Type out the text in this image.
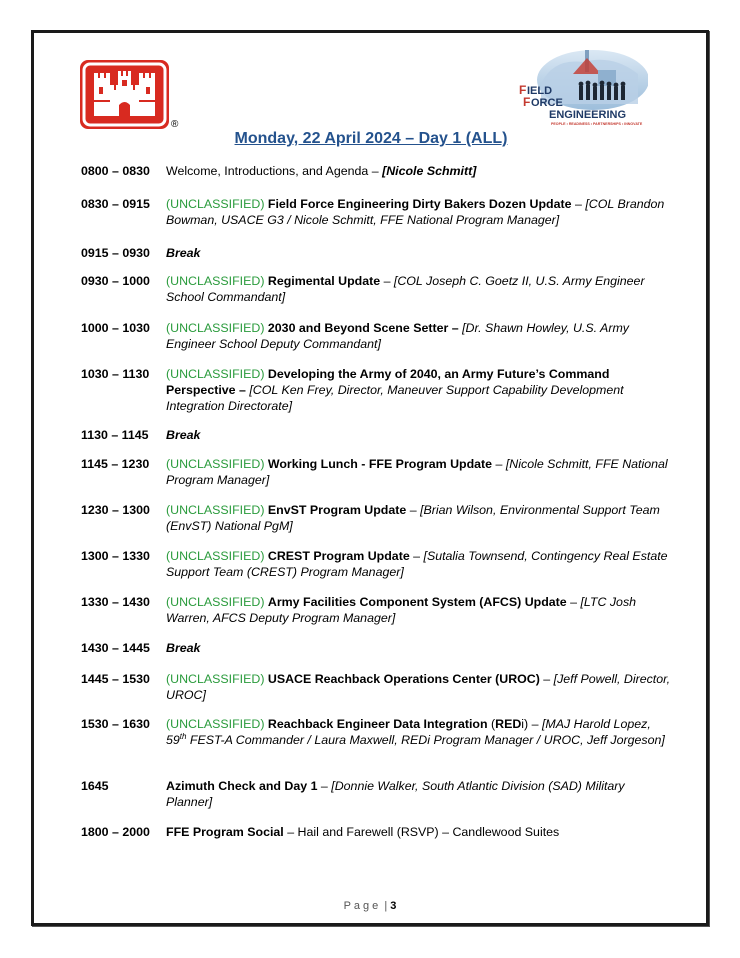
®
F IELD
F ORCE
ENGINEERING
PEOPLE • READINESS • PARTNERSHIPS • INNOVATE
Monday, 22 April 2024 – Day 1 (ALL)
0800 – 0830	Welcome, Introductions, and Agenda – [Nicole Schmitt]
0830 – 0915	(UNCLASSIFIED) Field Force Engineering Dirty Bakers Dozen Update – [COL Brandon Bowman, USACE G3 / Nicole Schmitt, FFE National Program Manager]
0915 – 0930	Break
0930 – 1000	(UNCLASSIFIED) Regimental Update – [COL Joseph C. Goetz II, U.S. Army Engineer School Commandant]
1000 – 1030	(UNCLASSIFIED) 2030 and Beyond Scene Setter – [Dr. Shawn Howley, U.S. Army Engineer School Deputy Commandant]
1030 – 1130	(UNCLASSIFIED) Developing the Army of 2040, an Army Future’s Command Perspective – [COL Ken Frey, Director, Maneuver Support Capability Development Integration Directorate]
1130 – 1145	Break
1145 – 1230	(UNCLASSIFIED) Working Lunch - FFE Program Update – [Nicole Schmitt, FFE National Program Manager]
1230 – 1300	(UNCLASSIFIED) EnvST Program Update – [Brian Wilson, Environmental Support Team (EnvST) National PgM]
1300 – 1330	(UNCLASSIFIED) CREST Program Update – [Sutalia Townsend, Contingency Real Estate Support Team (CREST) Program Manager]
1330 – 1430	(UNCLASSIFIED) Army Facilities Component System (AFCS) Update – [LTC Josh Warren, AFCS Deputy Program Manager]
1430 – 1445	Break
1445 – 1530	(UNCLASSIFIED) USACE Reachback Operations Center (UROC) – [Jeff Powell, Director, UROC]
1530 – 1630	(UNCLASSIFIED) Reachback Engineer Data Integration (REDi) – [MAJ Harold Lopez, 59th FEST-A Commander / Laura Maxwell, REDi Program Manager / UROC, Jeff Jorgeson]
1645	Azimuth Check and Day 1 – [Donnie Walker, South Atlantic Division (SAD) Military Planner]
1800 – 2000	FFE Program Social – Hail and Farewell (RSVP) – Candlewood Suites
Page | 3
